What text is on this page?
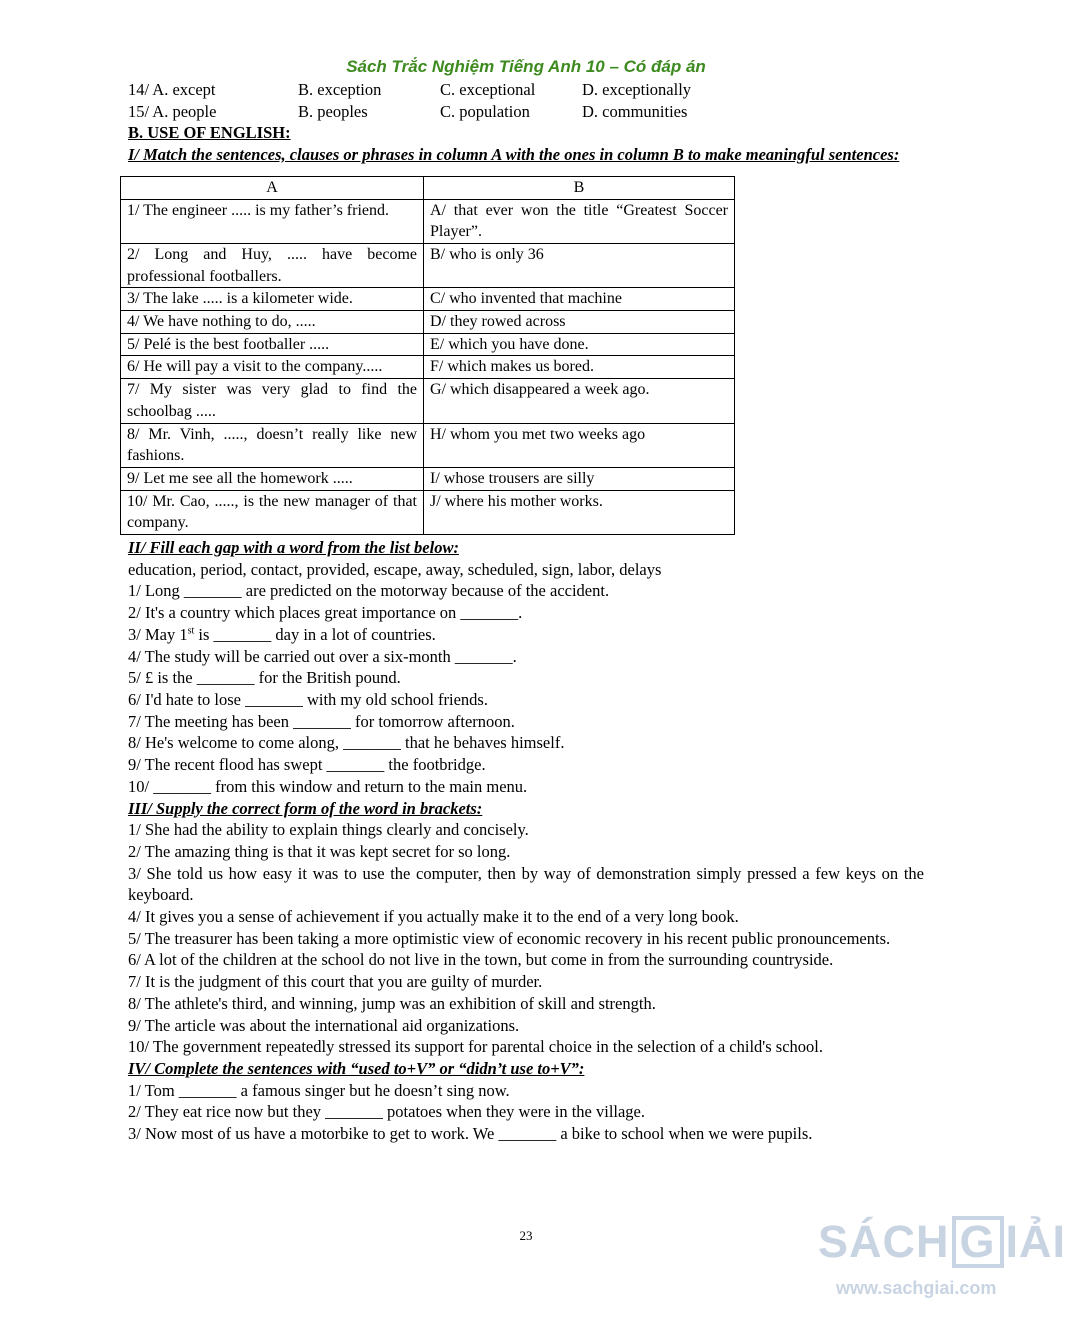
Sách Trắc Nghiệm Tiếng Anh 10 – Có đáp án
14/ A. except	B. exception	C. exceptional	D. exceptionally
15/ A. people	B. peoples	C. population	D. communities
B. USE OF ENGLISH:
I/ Match the sentences, clauses or phrases in column A with the ones in column B to make meaningful sentences:
A	B
1/ The engineer ..... is my father’s friend.	A/ that ever won the title “Greatest Soccer Player”.
2/ Long and Huy, ..... have become professional footballers.	B/ who is only 36
3/ The lake ..... is a kilometer wide.	C/ who invented that machine
4/ We have nothing to do, .....	D/ they rowed across
5/ Pelé is the best footballer .....	E/ which you have done.
6/ He will pay a visit to the company.....	F/ which makes us bored.
7/ My sister was very glad to find the schoolbag .....	G/ which disappeared a week ago.
8/ Mr. Vinh, ....., doesn’t really like new fashions.	H/ whom you met two weeks ago
9/ Let me see all the homework .....	I/ whose trousers are silly
10/ Mr. Cao, ....., is the new manager of that company.	J/ where his mother works.
II/ Fill each gap with a word from the list below:
education, period, contact, provided, escape, away, scheduled, sign, labor, delays
1/ Long _______ are predicted on the motorway because of the accident.
2/ It's a country which places great importance on _______.
3/ May 1st is _______ day in a lot of countries.
4/ The study will be carried out over a six-month _______.
5/ £ is the _______ for the British pound.
6/ I'd hate to lose _______ with my old school friends.
7/ The meeting has been _______ for tomorrow afternoon.
8/ He's welcome to come along, _______ that he behaves himself.
9/ The recent flood has swept _______ the footbridge.
10/ _______ from this window and return to the main menu.
III/ Supply the correct form of the word in brackets:
1/ She had the ability to explain things clearly and concisely.
2/ The amazing thing is that it was kept secret for so long.
3/ She told us how easy it was to use the computer, then by way of demonstration simply pressed a few keys on the keyboard.
4/ It gives you a sense of achievement if you actually make it to the end of a very long book.
5/ The treasurer has been taking a more optimistic view of economic recovery in his recent public pronouncements.
6/ A lot of the children at the school do not live in the town, but come in from the surrounding countryside.
7/ It is the judgment of this court that you are guilty of murder.
8/ The athlete's third, and winning, jump was an exhibition of skill and strength.
9/ The article was about the international aid organizations.
10/ The government repeatedly stressed its support for parental choice in the selection of a child's school.
IV/ Complete the sentences with “used to+V” or “didn’t use to+V”:
1/ Tom _______ a famous singer but he doesn’t sing now.
2/ They eat rice now but they _______ potatoes when they were in the village.
3/ Now most of us have a motorbike to get to work. We _______ a bike to school when we were pupils.
23	SÁCH G IẢI
www.sachgiai.com
